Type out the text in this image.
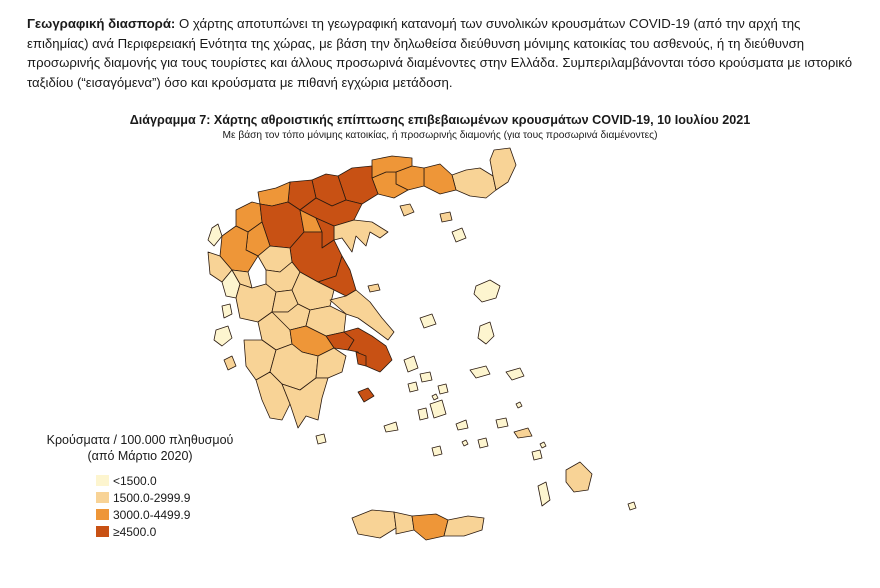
Γεωγραφική διασπορά: Ο χάρτης αποτυπώνει τη γεωγραφική κατανομή των συνολικών κρουσμάτων COVID-19 (από την αρχή της επιδημίας) ανά Περιφερειακή Ενότητα της χώρας, με βάση την δηλωθείσα διεύθυνση μόνιμης κατοικίας του ασθενούς, ή τη διεύθυνση προσωρινής διαμονής για τους τουρίστες και άλλους προσωρινά διαμένοντες στην Ελλάδα. Συμπεριλαμβάνονται τόσο κρούσματα με ιστορικό ταξιδίου (“εισαγόμενα”) όσο και κρούσματα με πιθανή εγχώρια μετάδοση.
Διάγραμμα 7: Χάρτης αθροιστικής επίπτωσης επιβεβαιωμένων κρουσμάτων COVID-19, 10 Ιουλίου 2021
Με βάση τον τόπο μόνιμης κατοικίας, ή προσωρινής διαμονής (για τους προσωρινά διαμένοντες)
Κρούσματα / 100.000 πληθυσμού
(από Μάρτιο 2020)
<1500.0
1500.0-2999.9
3000.0-4499.9
≥4500.0
